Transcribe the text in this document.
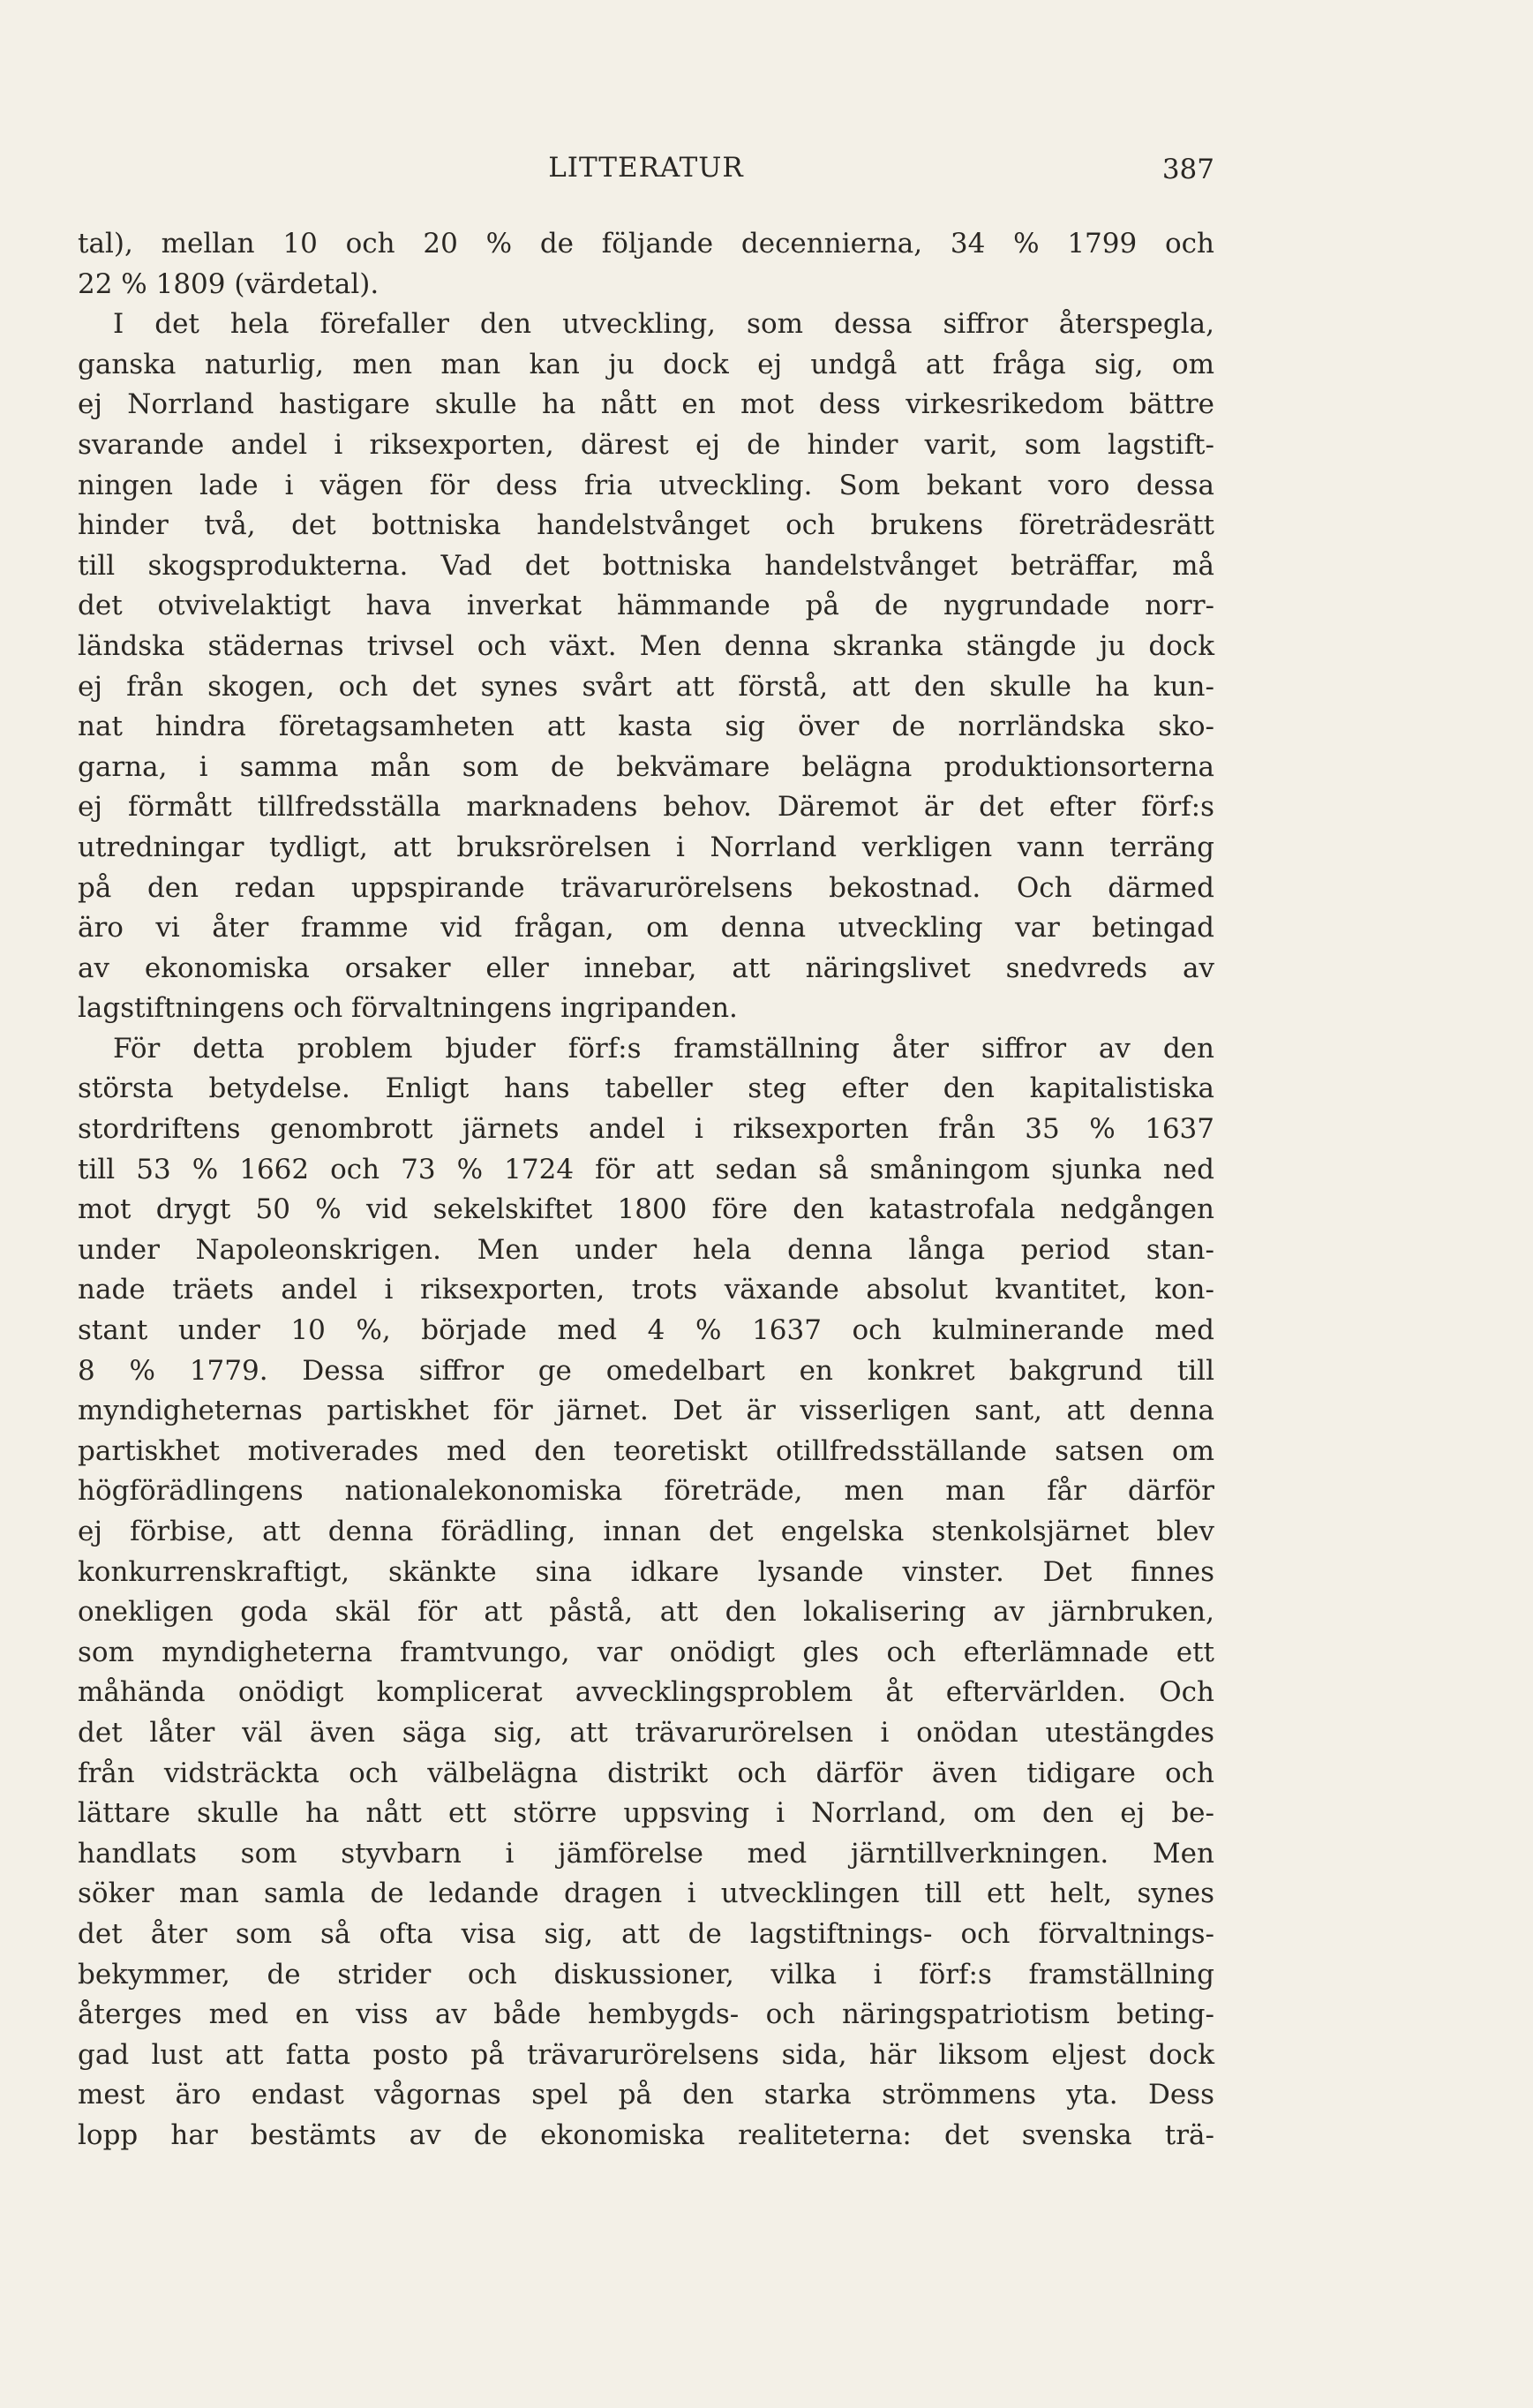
LITTERATUR	387
tal), mellan 10 och 20 % de följande decennierna, 34 % 1799 och
22 % 1809 (värdetal).
I det hela förefaller den utveckling, som dessa siffror återspegla,
ganska naturlig, men man kan ju dock ej undgå att fråga sig, om
ej Norrland hastigare skulle ha nått en mot dess virkesrikedom bättre
svarande andel i riksexporten, därest ej de hinder varit, som lagstift-
ningen lade i vägen för dess fria utveckling. Som bekant voro dessa
hinder två, det bottniska handelstvånget och brukens företrädesrätt
till skogsprodukterna. Vad det bottniska handelstvånget beträffar, må
det otvivelaktigt hava inverkat hämmande på de nygrundade norr-
ländska städernas trivsel och växt. Men denna skranka stängde ju dock
ej från skogen, och det synes svårt att förstå, att den skulle ha kun-
nat hindra företagsamheten att kasta sig över de norrländska sko-
garna, i samma mån som de bekvämare belägna produktionsorterna
ej förmått tillfredsställa marknadens behov. Däremot är det efter förf:s
utredningar tydligt, att bruksrörelsen i Norrland verkligen vann terräng
på den redan uppspirande trävarurörelsens bekostnad. Och därmed
äro vi åter framme vid frågan, om denna utveckling var betingad
av ekonomiska orsaker eller innebar, att näringslivet snedvreds av
lagstiftningens och förvaltningens ingripanden.
För detta problem bjuder förf:s framställning åter siffror av den
största betydelse. Enligt hans tabeller steg efter den kapitalistiska
stordriftens genombrott järnets andel i riksexporten från 35 % 1637
till 53 % 1662 och 73 % 1724 för att sedan så småningom sjunka ned
mot drygt 50 % vid sekelskiftet 1800 före den katastrofala nedgången
under Napoleonskrigen. Men under hela denna långa period stan-
nade träets andel i riksexporten, trots växande absolut kvantitet, kon-
stant under 10 %, började med 4 % 1637 och kulminerande med
8 % 1779. Dessa siffror ge omedelbart en konkret bakgrund till
myndigheternas partiskhet för järnet. Det är visserligen sant, att denna
partiskhet motiverades med den teoretiskt otillfredsställande satsen om
högförädlingens nationalekonomiska företräde, men man får därför
ej förbise, att denna förädling, innan det engelska stenkolsjärnet blev
konkurrenskraftigt, skänkte sina idkare lysande vinster. Det finnes
onekligen goda skäl för att påstå, att den lokalisering av järnbruken,
som myndigheterna framtvungo, var onödigt gles och efterlämnade ett
måhända onödigt komplicerat avvecklingsproblem åt eftervärlden. Och
det låter väl även säga sig, att trävarurörelsen i onödan utestängdes
från vidsträckta och välbelägna distrikt och därför även tidigare och
lättare skulle ha nått ett större uppsving i Norrland, om den ej be-
handlats som styvbarn i jämförelse med järntillverkningen. Men
söker man samla de ledande dragen i utvecklingen till ett helt, synes
det åter som så ofta visa sig, att de lagstiftnings- och förvaltnings-
bekymmer, de strider och diskussioner, vilka i förf:s framställning
återges med en viss av både hembygds- och näringspatriotism beting-
gad lust att fatta posto på trävarurörelsens sida, här liksom eljest dock
mest äro endast vågornas spel på den starka strömmens yta. Dess
lopp har bestämts av de ekonomiska realiteterna: det svenska trä-
